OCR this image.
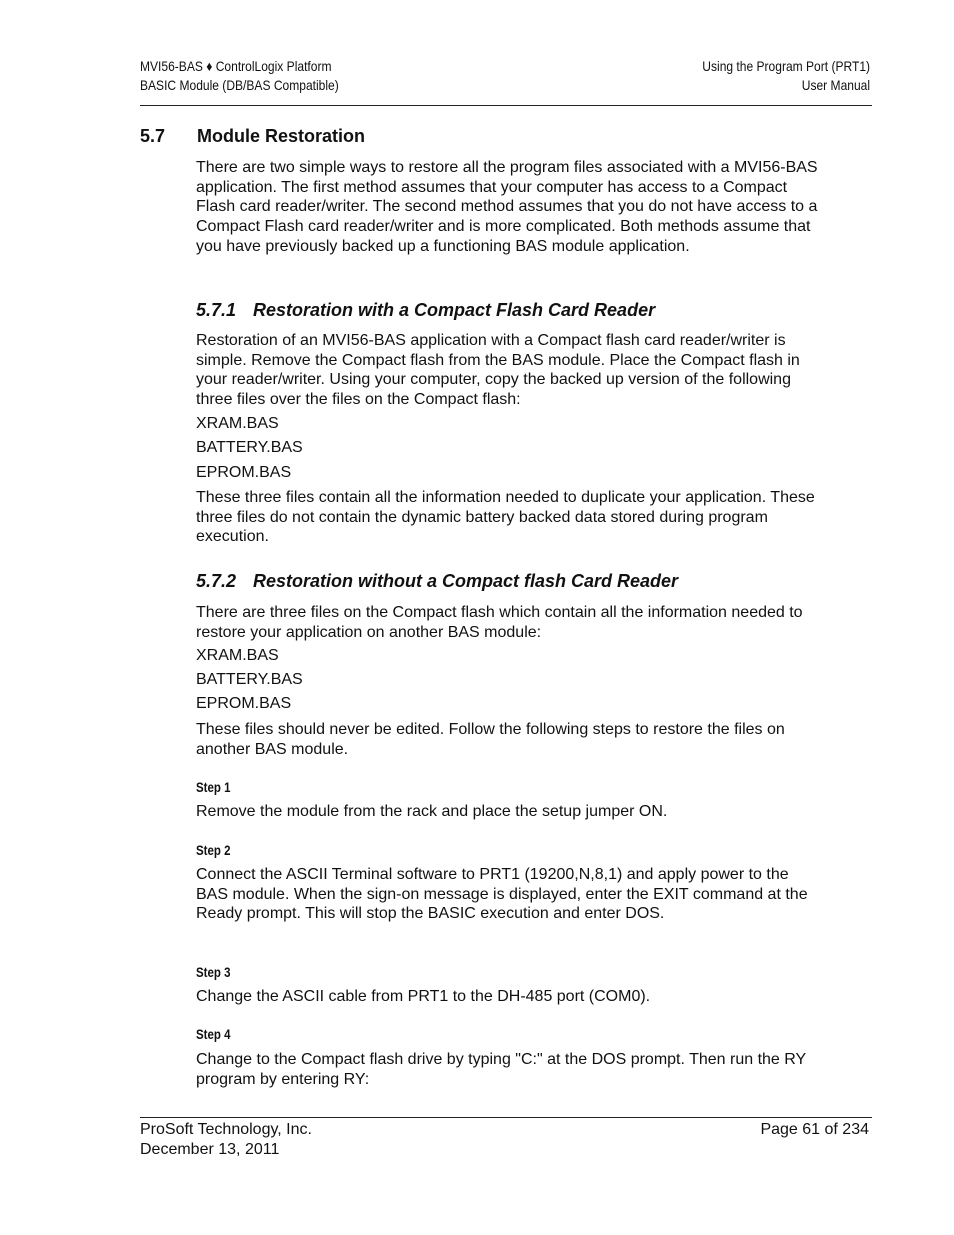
MVI56-BAS ♦ ControlLogix Platform
BASIC Module (DB/BAS Compatible)
Using the Program Port (PRT1)
User Manual
5.7 Module Restoration

There are two simple ways to restore all the program files associated with a MVI56-BAS application. The first method assumes that your computer has access to a Compact Flash card reader/writer. The second method assumes that you do not have access to a Compact Flash card reader/writer and is more complicated. Both methods assume that you have previously backed up a functioning BAS module application.

5.7.1 Restoration with a Compact Flash Card Reader

Restoration of an MVI56-BAS application with a Compact flash card reader/writer is simple. Remove the Compact flash from the BAS module. Place the Compact flash in your reader/writer. Using your computer, copy the backed up version of the following three files over the files on the Compact flash:

XRAM.BAS
BATTERY.BAS
EPROM.BAS

These three files contain all the information needed to duplicate your application. These three files do not contain the dynamic battery backed data stored during program execution.

5.7.2 Restoration without a Compact flash Card Reader

There are three files on the Compact flash which contain all the information needed to restore your application on another BAS module:

XRAM.BAS
BATTERY.BAS
EPROM.BAS

These files should never be edited. Follow the following steps to restore the files on another BAS module.

Step 1

Remove the module from the rack and place the setup jumper ON.

Step 2

Connect the ASCII Terminal software to PRT1 (19200,N,8,1) and apply power to the BAS module. When the sign-on message is displayed, enter the EXIT command at the Ready prompt. This will stop the BASIC execution and enter DOS.

Step 3

Change the ASCII cable from PRT1 to the DH-485 port (COM0).

Step 4

Change to the Compact flash drive by typing "C:" at the DOS prompt. Then run the RY program by entering RY:

ProSoft Technology, Inc.
December 13, 2011
Page 61 of 234
